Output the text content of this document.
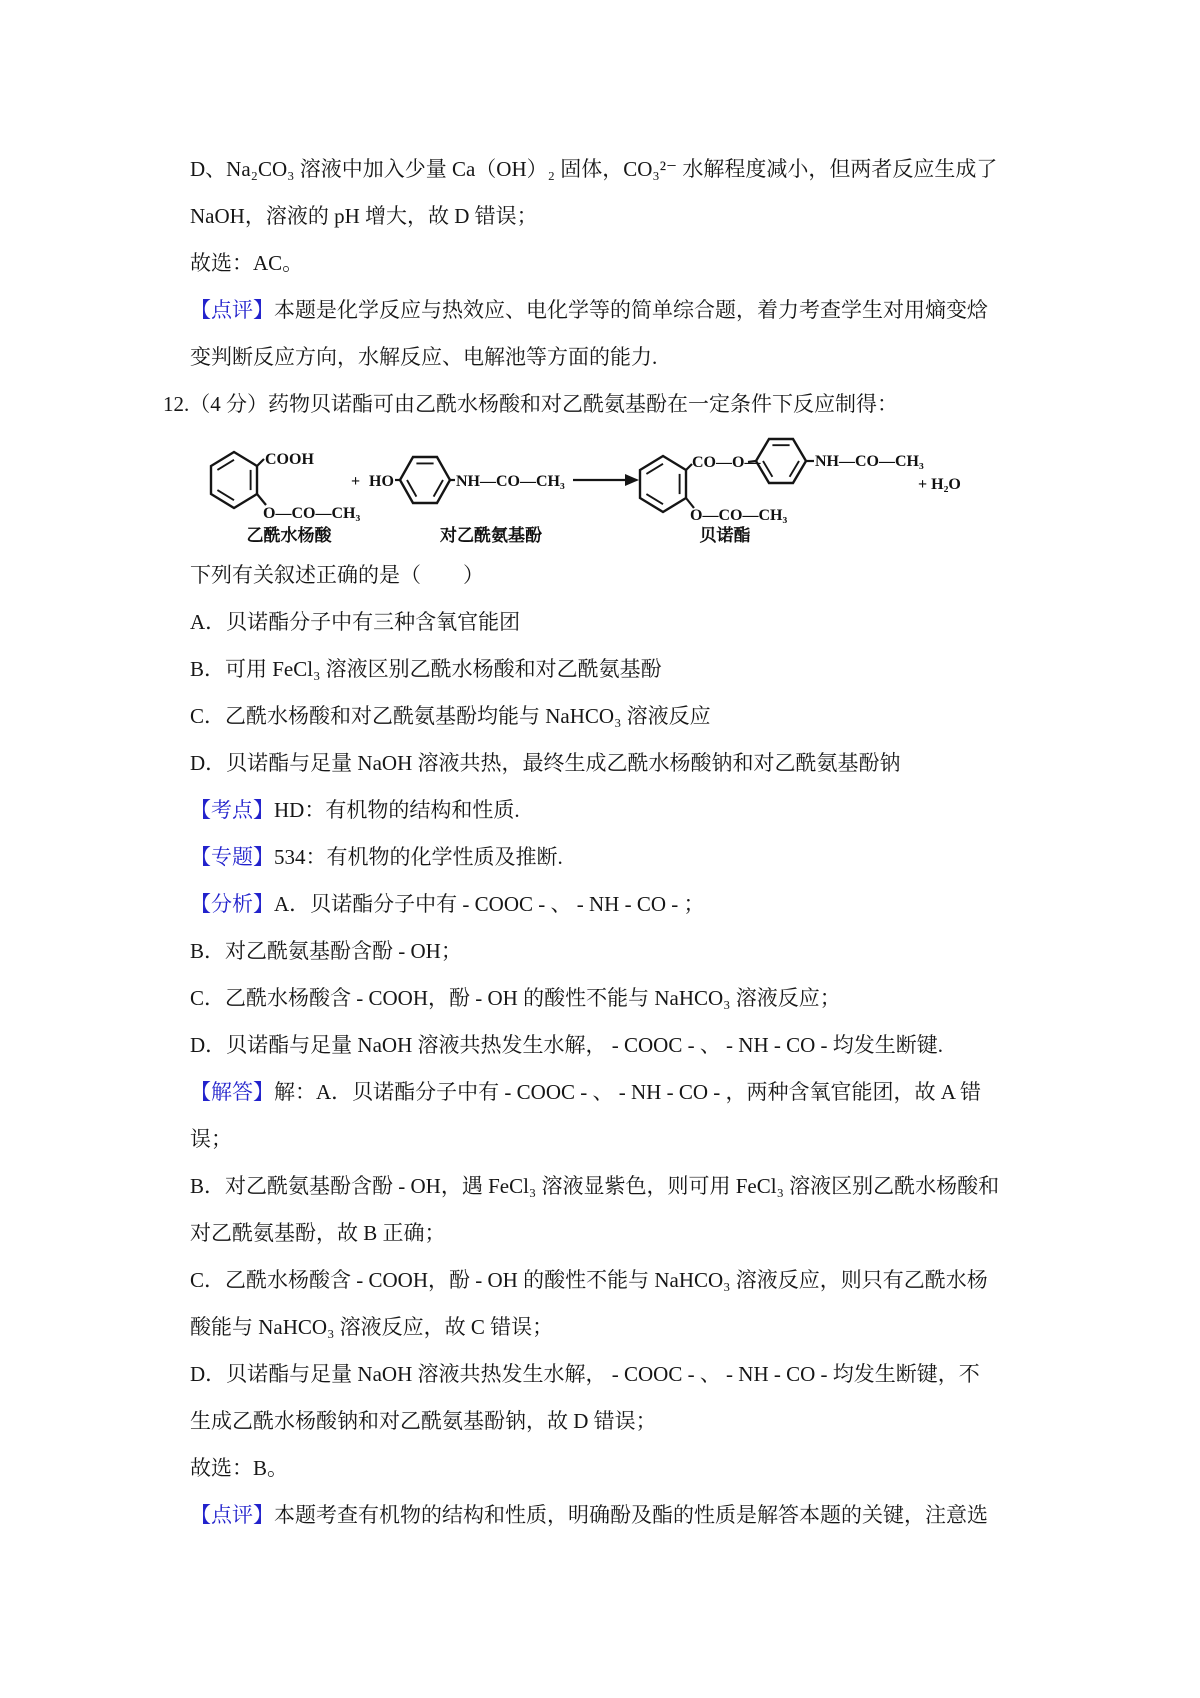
D、Na₂CO₃ 溶液中加入少量 Ca（OH）₂ 固体，CO₃²⁻ 水解程度减小，但两者反应生成了

NaOH，溶液的 pH 增大，故 D 错误；

故选：AC。

【点评】本题是化学反应与热效应、电化学等的简单综合题，着力考查学生对用熵变焓

变判断反应方向，水解反应、电解池等方面的能力.

12.（4 分）药物贝诺酯可由乙酰水杨酸和对乙酰氨基酚在一定条件下反应制得：

COOH
O—CO—CH₃
乙酰水杨酸
+ HO	NH—CO—CH₃
对乙酰氨基酚
CO—O—
O—CO—CH₃
NH—CO—CH₃
贝诺酯
+ H₂O

下列有关叙述正确的是（　　）

A．贝诺酯分子中有三种含氧官能团

B．可用 FeCl₃ 溶液区别乙酰水杨酸和对乙酰氨基酚

C．乙酰水杨酸和对乙酰氨基酚均能与 NaHCO₃ 溶液反应

D．贝诺酯与足量 NaOH 溶液共热，最终生成乙酰水杨酸钠和对乙酰氨基酚钠

【考点】HD：有机物的结构和性质.

【专题】534：有机物的化学性质及推断.

【分析】A．贝诺酯分子中有 - COOC - 、 - NH - CO - ；

B．对乙酰氨基酚含酚 - OH；

C．乙酰水杨酸含 - COOH，酚 - OH 的酸性不能与 NaHCO₃ 溶液反应；

D．贝诺酯与足量 NaOH 溶液共热发生水解， - COOC - 、 - NH - CO - 均发生断键.

【解答】解：A．贝诺酯分子中有 - COOC - 、 - NH - CO - ，两种含氧官能团，故 A 错

误；

B．对乙酰氨基酚含酚 - OH，遇 FeCl₃ 溶液显紫色，则可用 FeCl₃ 溶液区别乙酰水杨酸和

对乙酰氨基酚，故 B 正确；

C．乙酰水杨酸含 - COOH，酚 - OH 的酸性不能与 NaHCO₃ 溶液反应，则只有乙酰水杨

酸能与 NaHCO₃ 溶液反应，故 C 错误；

D．贝诺酯与足量 NaOH 溶液共热发生水解， - COOC - 、 - NH - CO - 均发生断键，不

生成乙酰水杨酸钠和对乙酰氨基酚钠，故 D 错误；

故选：B。

【点评】本题考查有机物的结构和性质，明确酚及酯的性质是解答本题的关键，注意选
